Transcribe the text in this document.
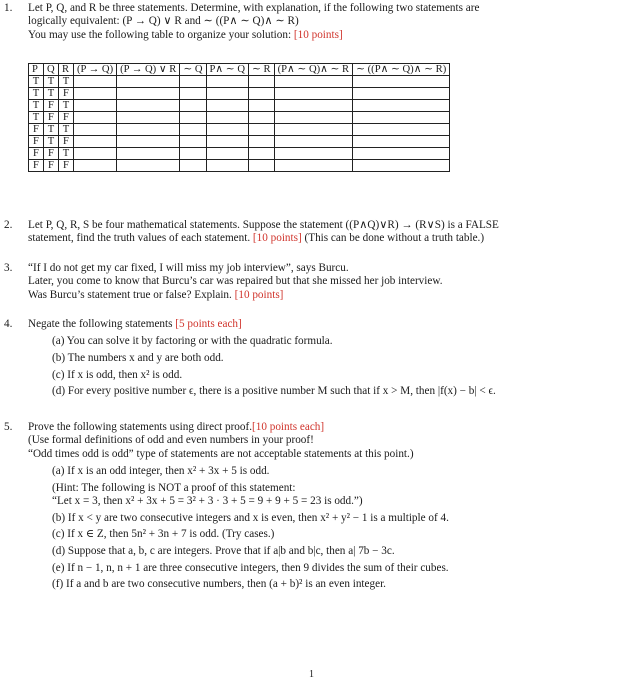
1. Let P, Q, and R be three statements. Determine, with explanation, if the following two statements are
logically equivalent: (P → Q) ∨ R and ∼ ((P∧ ∼ Q)∧ ∼ R)
You may use the following table to organize your solution: [10 points]
P	Q	R	(P → Q)	(P → Q) ∨ R	∼ Q	P∧ ∼ Q	∼ R	(P∧ ∼ Q)∧ ∼ R	∼ ((P∧ ∼ Q)∧ ∼ R)
T	T	T							
T	T	F							
T	F	T							
T	F	F							
F	T	T							
F	T	F							
F	F	T							
F	F	F							
2. Let P, Q, R, S be four mathematical statements. Suppose the statement ((P∧Q)∨R) → (R∨S) is a FALSE
statement, find the truth values of each statement. [10 points] (This can be done without a truth table.)
3. “If I do not get my car fixed, I will miss my job interview”, says Burcu.
Later, you come to know that Burcu’s car was repaired but that she missed her job interview.
Was Burcu’s statement true or false? Explain. [10 points]
4. Negate the following statements [5 points each]
(a) You can solve it by factoring or with the quadratic formula.
(b) The numbers x and y are both odd.
(c) If x is odd, then x² is odd.
(d) For every positive number ϵ, there is a positive number M such that if x > M, then |f(x) − b| < ϵ.
5. Prove the following statements using direct proof.[10 points each]
(Use formal definitions of odd and even numbers in your proof!
“Odd times odd is odd” type of statements are not acceptable statements at this point.)
(a) If x is an odd integer, then x² + 3x + 5 is odd.
(Hint: The following is NOT a proof of this statement:
“Let x = 3, then x² + 3x + 5 = 3² + 3 · 3 + 5 = 9 + 9 + 5 = 23 is odd.”)
(b) If x < y are two consecutive integers and x is even, then x² + y² − 1 is a multiple of 4.
(c) If x ∈ Z, then 5n² + 3n + 7 is odd. (Try cases.)
(d) Suppose that a, b, c are integers. Prove that if a|b and b|c, then a| 7b − 3c.
(e) If n − 1, n, n + 1 are three consecutive integers, then 9 divides the sum of their cubes.
(f) If a and b are two consecutive numbers, then (a + b)² is an even integer.
1
